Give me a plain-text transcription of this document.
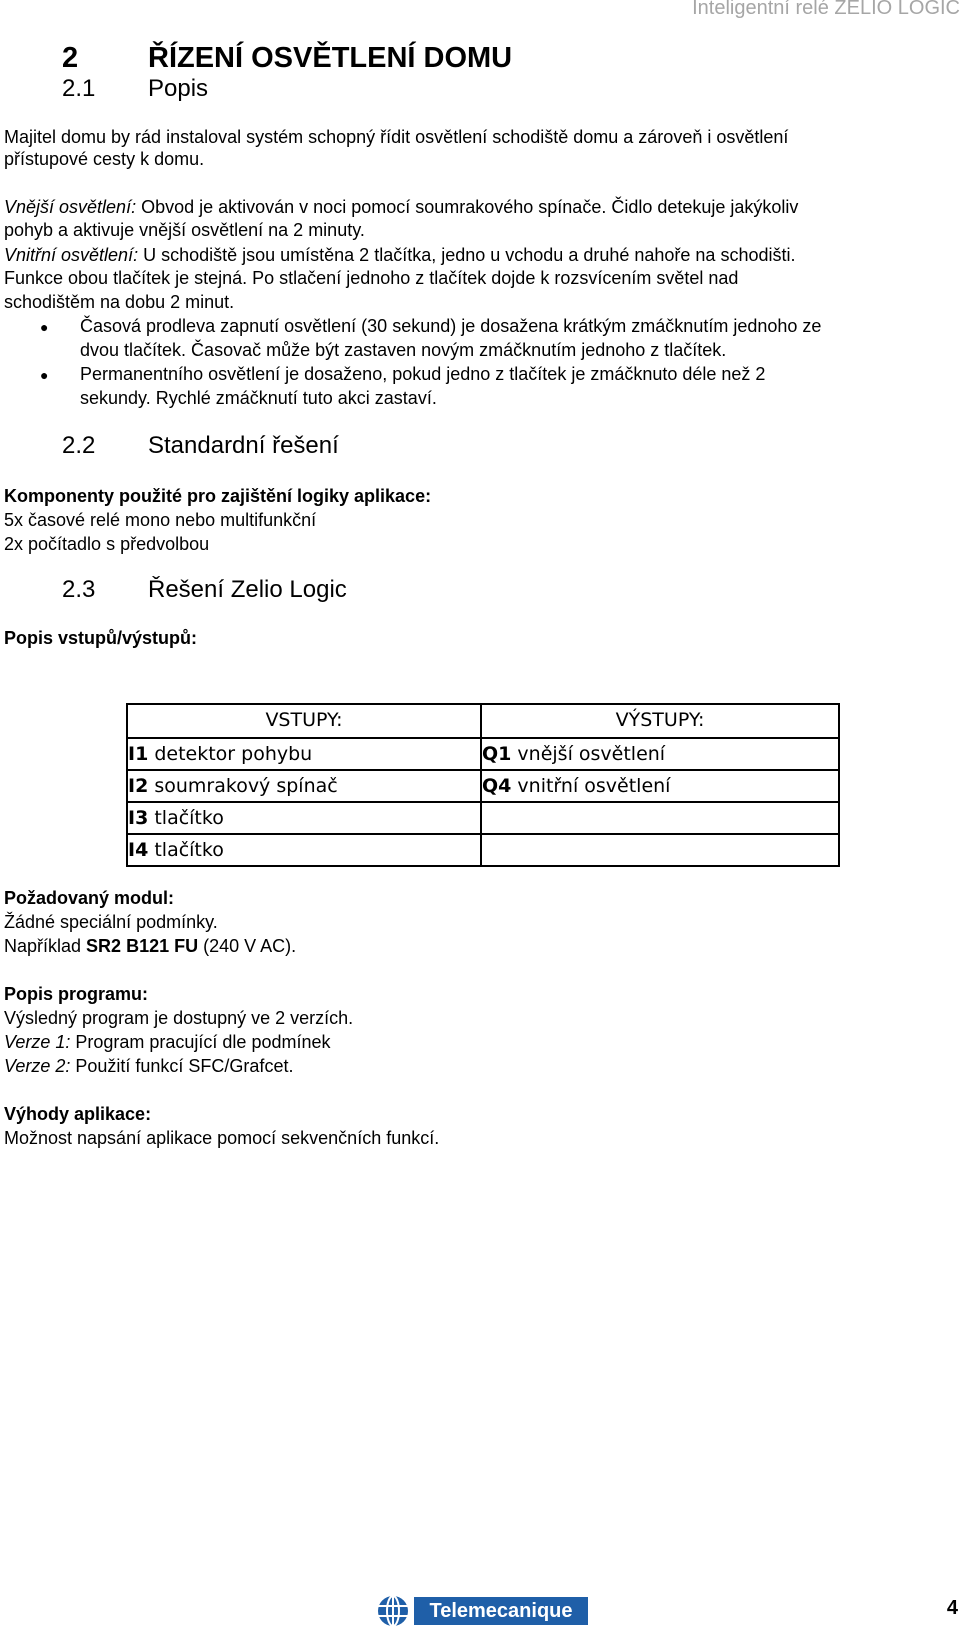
Inteligentní relé ZELIO LOGIC
2 ŘÍZENÍ OSVĚTLENÍ DOMU
2.1 Popis
Majitel domu by rád instaloval systém schopný řídit osvětlení schodiště domu a zároveň i osvětlení
přístupové cesty k domu.
Vnější osvětlení: Obvod je aktivován v noci pomocí soumrakového spínače. Čidlo detekuje jakýkoliv
pohyb a aktivuje vnější osvětlení na 2 minuty.
Vnitřní osvětlení: U schodiště jsou umístěna 2 tlačítka, jedno u vchodu a druhé nahoře na schodišti.
Funkce obou tlačítek je stejná. Po stlačení jednoho z tlačítek dojde k rozsvícením světel nad
schodištěm na dobu 2 minut.
● Časová prodleva zapnutí osvětlení (30 sekund) je dosažena krátkým zmáčknutím jednoho ze
dvou tlačítek. Časovač může být zastaven novým zmáčknutím jednoho z tlačítek.
● Permanentního osvětlení je dosaženo, pokud jedno z tlačítek je zmáčknuto déle než 2
sekundy. Rychlé zmáčknutí tuto akci zastaví.
2.2 Standardní řešení
Komponenty použité pro zajištění logiky aplikace:
5x časové relé mono nebo multifunkční
2x počítadlo s předvolbou
2.3 Řešení Zelio Logic
Popis vstupů/výstupů:
VSTUPY:	VÝSTUPY:
I1 detektor pohybu	Q1 vnější osvětlení
I2 soumrakový spínač	Q4 vnitřní osvětlení
I3 tlačítko	
I4 tlačítko	
Požadovaný modul:
Žádné speciální podmínky.
Například SR2 B121 FU (240 V AC).
Popis programu:
Výsledný program je dostupný ve 2 verzích.
Verze 1: Program pracující dle podmínek
Verze 2: Použití funkcí SFC/Grafcet.
Výhody aplikace:
Možnost napsání aplikace pomocí sekvenčních funkcí.
Telemecanique	4
